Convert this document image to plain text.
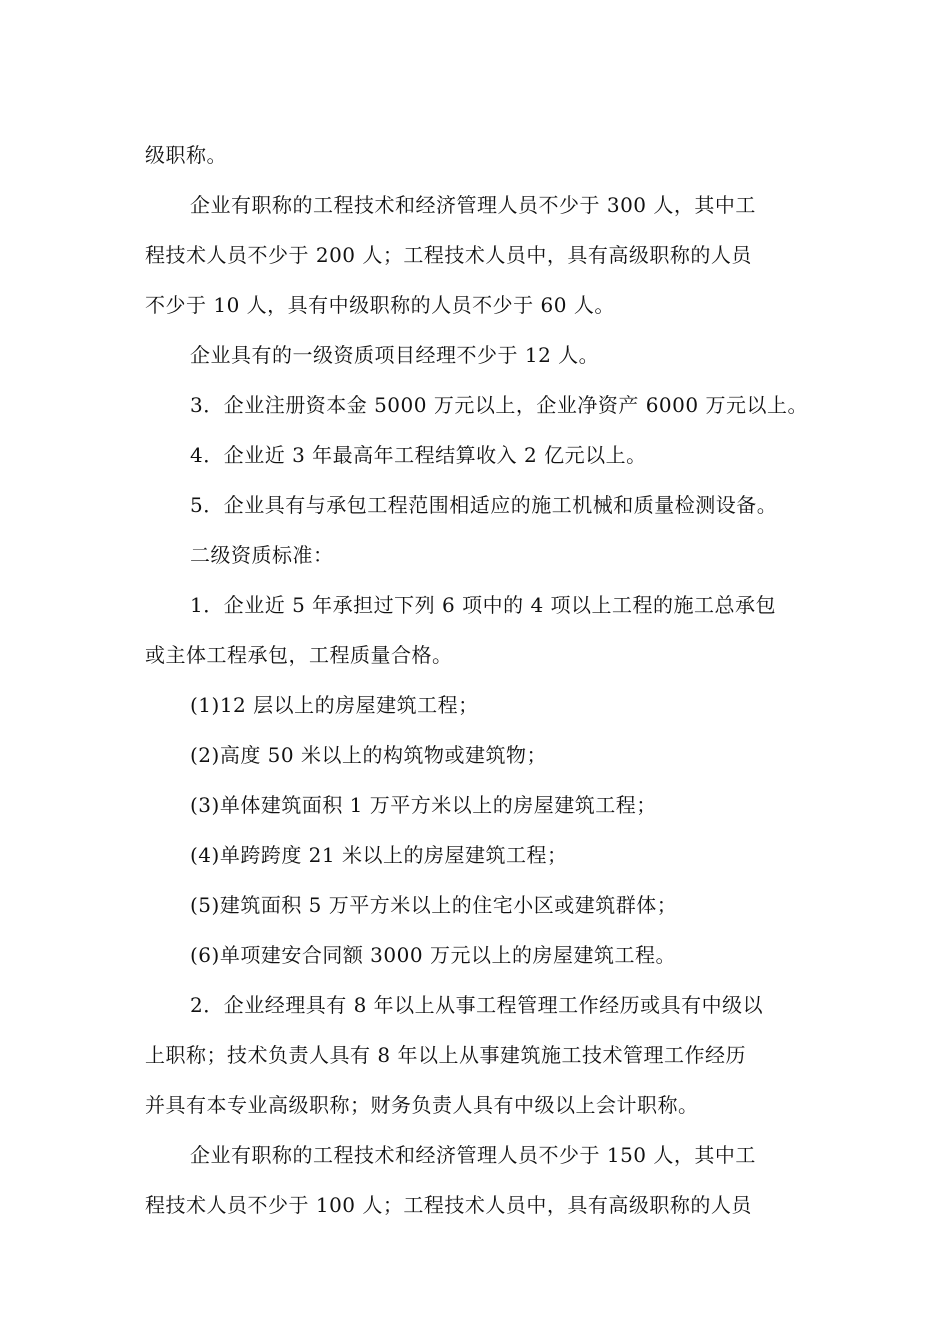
级职称。
企业有职称的工程技术和经济管理人员不少于 300 人，其中工
程技术人员不少于 200 人；工程技术人员中，具有高级职称的人员
不少于 10 人，具有中级职称的人员不少于 60 人。
企业具有的一级资质项目经理不少于 12 人。
3．企业注册资本金 5000 万元以上，企业净资产 6000 万元以上。
4．企业近 3 年最高年工程结算收入 2 亿元以上。
5．企业具有与承包工程范围相适应的施工机械和质量检测设备。
二级资质标准：
1．企业近 5 年承担过下列 6 项中的 4 项以上工程的施工总承包
或主体工程承包，工程质量合格。
(1)12 层以上的房屋建筑工程；
(2)高度 50 米以上的构筑物或建筑物；
(3)单体建筑面积 1 万平方米以上的房屋建筑工程；
(4)单跨跨度 21 米以上的房屋建筑工程；
(5)建筑面积 5 万平方米以上的住宅小区或建筑群体；
(6)单项建安合同额 3000 万元以上的房屋建筑工程。
2．企业经理具有 8 年以上从事工程管理工作经历或具有中级以
上职称；技术负责人具有 8 年以上从事建筑施工技术管理工作经历
并具有本专业高级职称；财务负责人具有中级以上会计职称。
企业有职称的工程技术和经济管理人员不少于 150 人，其中工
程技术人员不少于 100 人；工程技术人员中，具有高级职称的人员
